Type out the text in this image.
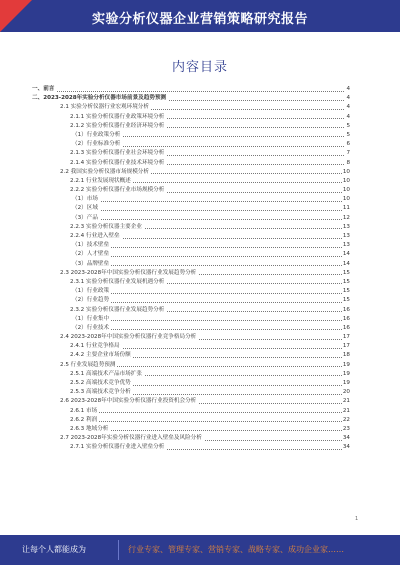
实验分析仪器企业营销策略研究报告
内容目录
一、前言	4
二、2023-2028年实验分析仪器市场前景及趋势预测	4
2.1 实验分析仪器行业宏观环境分析	4
2.1.1 实验分析仪器行业政策环境分析	4
2.1.2 实验分析仪器行业经济环境分析	5
（1）行业政策分析	5
（2）行业标准分析	6
2.1.3 实验分析仪器行业社会环境分析	7
2.1.4 实验分析仪器行业技术环境分析	8
2.2 我国实验分析仪器市场规模分析	10
2.2.1 行业发展现状概述	10
2.2.2 实验分析仪器行业市场规模分析	10
（1）市场	10
（2）区域	11
（3）产品	12
2.2.3 实验分析仪器主要企业	13
2.2.4 行业进入壁垒	13
（1）技术壁垒	13
（2）人才壁垒	14
（3）品牌壁垒	14
2.3 2023-2028年中国实验分析仪器行业发展趋势分析	15
2.3.1 实验分析仪器行业发展机遇分析	15
（1）行业政策	15
（2）行业趋势	15
2.3.2 实验分析仪器行业发展趋势分析	16
（1）行业集中	16
（2）行业技术	16
2.4 2023-2028年中国实验分析仪器行业竞争格局分析	17
2.4.1 行业竞争格局	17
2.4.2 主要企业市场份额	18
2.5 行业发展趋势预测	19
2.5.1 高端技术产品市场扩张	19
2.5.2 高端技术竞争优势	19
2.5.3 高端技术竞争分析	20
2.6 2023-2028年中国实验分析仪器行业投资机会分析	21
2.6.1 市场	21
2.6.2 利润	22
2.6.3 地域分析	23
2.7 2023-2028年实验分析仪器行业进入壁垒及风险分析	34
2.7.1 实验分析仪器行业进入壁垒分析	34
1
让每个人都能成为	行业专家、管理专家、营销专家、战略专家、成功企业家……
